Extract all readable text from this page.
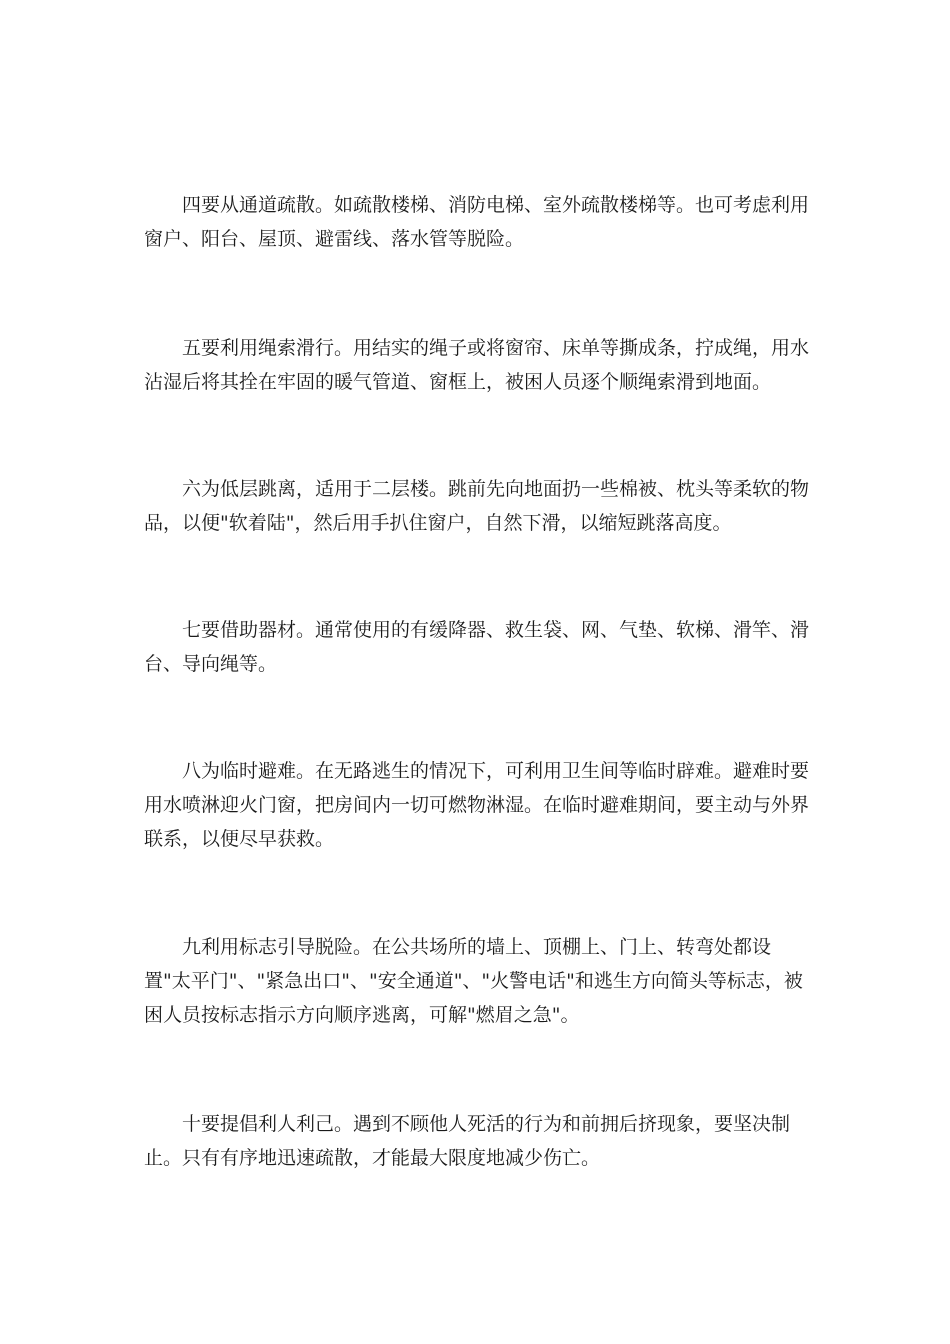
四要从通道疏散。如疏散楼梯、消防电梯、室外疏散楼梯等。也可考虑利用窗户、阳台、屋顶、避雷线、落水管等脱险。

五要利用绳索滑行。用结实的绳子或将窗帘、床单等撕成条，拧成绳，用水沾湿后将其拴在牢固的暖气管道、窗框上，被困人员逐个顺绳索滑到地面。

六为低层跳离，适用于二层楼。跳前先向地面扔一些棉被、枕头等柔软的物品，以便"软着陆"，然后用手扒住窗户，自然下滑，以缩短跳落高度。

七要借助器材。通常使用的有缓降器、救生袋、网、气垫、软梯、滑竿、滑台、导向绳等。

八为临时避难。在无路逃生的情况下，可利用卫生间等临时辟难。避难时要用水喷淋迎火门窗，把房间内一切可燃物淋湿。在临时避难期间，要主动与外界联系，以便尽早获救。

九利用标志引导脱险。在公共场所的墙上、顶棚上、门上、转弯处都设置"太平门"、"紧急出口"、"安全通道"、"火警电话"和逃生方向简头等标志，被困人员按标志指示方向顺序逃离，可解"燃眉之急"。

十要提倡利人利己。遇到不顾他人死活的行为和前拥后挤现象，要坚决制止。只有有序地迅速疏散，才能最大限度地减少伤亡。
